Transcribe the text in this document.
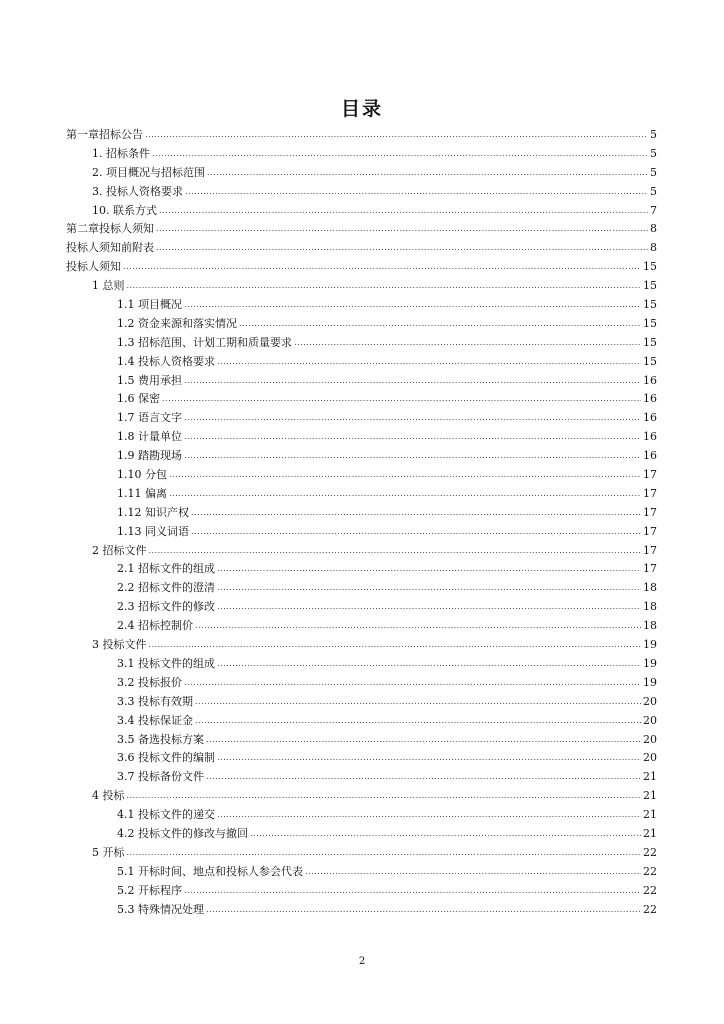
目录
第一章招标公告 .....	5
1. 招标条件 .....	5
2. 项目概况与招标范围 .....	5
3. 投标人资格要求 .....	5
10. 联系方式 .....	7
第二章投标人须知 .....	8
投标人须知前附表 .....	8
投标人须知 .....	15
1 总则 .....	15
1.1 项目概况 .....	15
1.2 资金来源和落实情况 .....	15
1.3 招标范围、计划工期和质量要求 .....	15
1.4 投标人资格要求 .....	15
1.5 费用承担 .....	16
1.6 保密 .....	16
1.7 语言文字 .....	16
1.8 计量单位 .....	16
1.9 踏勘现场 .....	16
1.10 分包 .....	17
1.11 偏离 .....	17
1.12 知识产权 .....	17
1.13 同义词语 .....	17
2 招标文件 .....	17
2.1 招标文件的组成 .....	17
2.2 招标文件的澄清 .....	18
2.3 招标文件的修改 .....	18
2.4 招标控制价 .....	18
3 投标文件 .....	19
3.1 投标文件的组成 .....	19
3.2 投标报价 .....	19
3.3 投标有效期 .....	20
3.4 投标保证金 .....	20
3.5 备选投标方案 .....	20
3.6 投标文件的编制 .....	20
3.7 投标备份文件 .....	21
4 投标 .....	21
4.1 投标文件的递交 .....	21
4.2 投标文件的修改与撤回 .....	21
5 开标 .....	22
5.1 开标时间、地点和投标人参会代表 .....	22
5.2 开标程序 .....	22
5.3 特殊情况处理 .....	22
2
